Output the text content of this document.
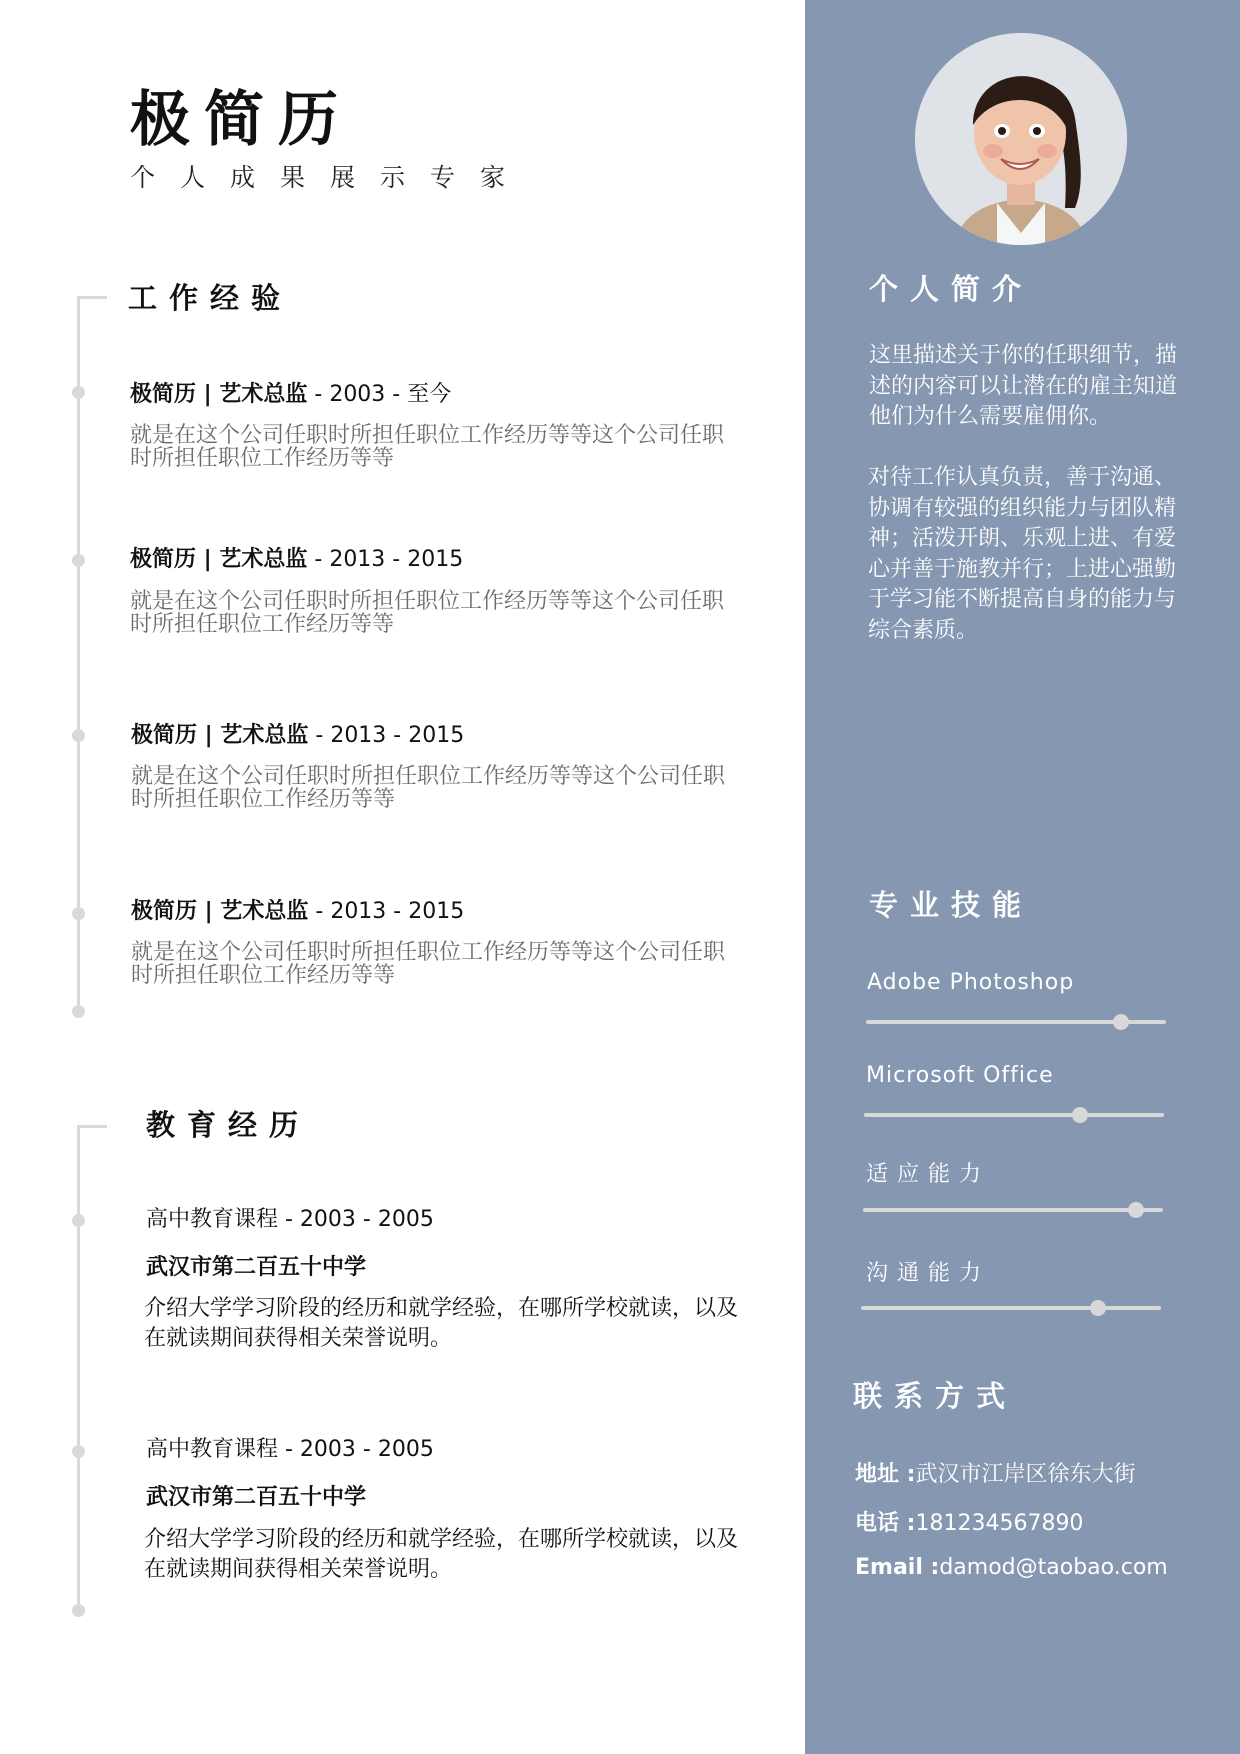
极简历
个人成果展示专家
工作经验
极简历 | 艺术总监 - 2003 - 至今
就是在这个公司任职时所担任职位工作经历等等这个公司任职时所担任职位工作经历等等
极简历 | 艺术总监 - 2013 - 2015
就是在这个公司任职时所担任职位工作经历等等这个公司任职时所担任职位工作经历等等
极简历 | 艺术总监 - 2013 - 2015
就是在这个公司任职时所担任职位工作经历等等这个公司任职时所担任职位工作经历等等
极简历 | 艺术总监 - 2013 - 2015
就是在这个公司任职时所担任职位工作经历等等这个公司任职时所担任职位工作经历等等
教育经历
高中教育课程 - 2003 - 2005
武汉市第二百五十中学
介绍大学学习阶段的经历和就学经验，在哪所学校就读，以及在就读期间获得相关荣誉说明。
高中教育课程 - 2003 - 2005
武汉市第二百五十中学
介绍大学学习阶段的经历和就学经验，在哪所学校就读，以及在就读期间获得相关荣誉说明。
个人简介
这里描述关于你的任职细节，描述的内容可以让潜在的雇主知道他们为什么需要雇佣你。
对待工作认真负责，善于沟通、协调有较强的组织能力与团队精神；活泼开朗、乐观上进、有爱心并善于施教并行；上进心强勤于学习能不断提高自身的能力与综合素质。
专业技能
Adobe Photoshop
Microsoft Office
适 应 能 力
沟 通 能 力
联系方式
地址 :武汉市江岸区徐东大街
电话 :181234567890
Email :damod@taobao.com
